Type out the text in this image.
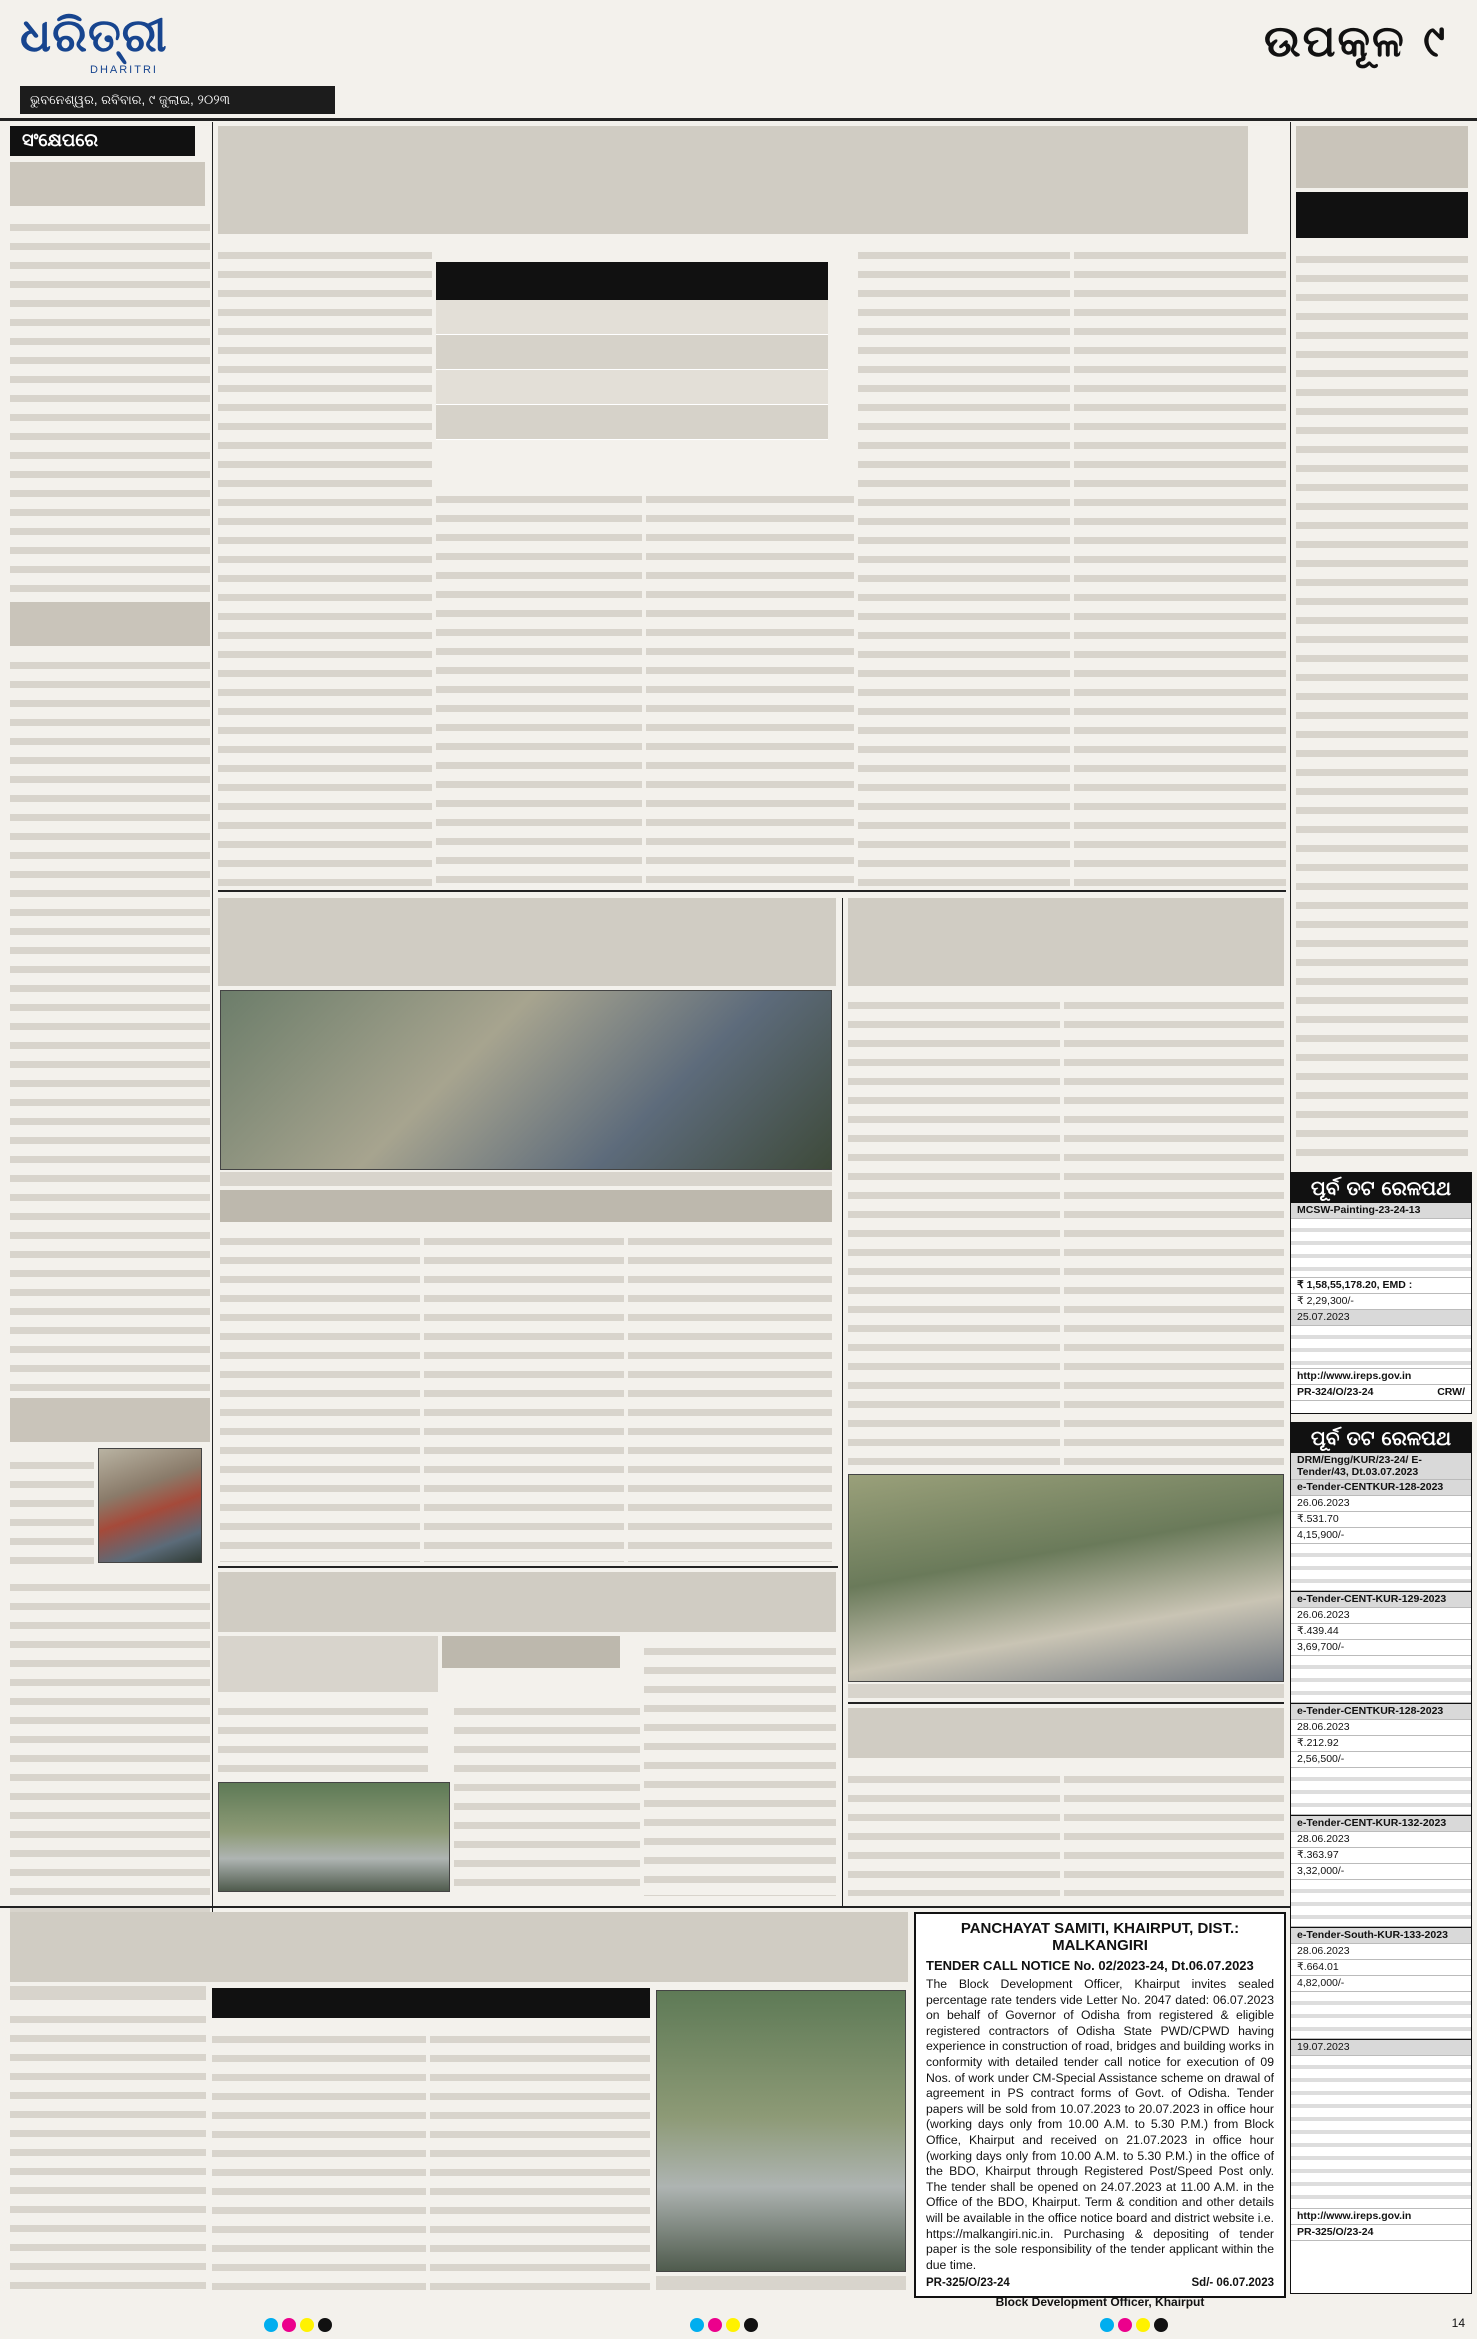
ଧରିତ୍ରୀ
DHARITRI
ଭୁବନେଶ୍ୱର, ରବିବାର, ୯ ଜୁଲାଇ, ୨୦୨୩
ଉପକୂଳ ୯
ସଂକ୍ଷେପରେ
ପୂର୍ବ ତଟ ରେଳପଥ
MCSW-Painting-23-24-13
₹ 1,58,55,178.20, EMD :
₹ 2,29,300/-
25.07.2023
http://www.ireps.gov.in
PR-324/O/23-24	CRW/
ପୂର୍ବ ତଟ ରେଳପଥ
DRM/Engg/KUR/23-24/ E-Tender/43, Dt.03.07.2023
e-Tender-CENTKUR-128-2023
26.06.2023
₹.531.70
4,15,900/-
e-Tender-CENT-KUR-129-2023
26.06.2023
₹.439.44
3,69,700/-
e-Tender-CENTKUR-128-2023
28.06.2023
₹.212.92
2,56,500/-
e-Tender-CENT-KUR-132-2023
28.06.2023
₹.363.97
3,32,000/-
e-Tender-South-KUR-133-2023
28.06.2023
₹.664.01
4,82,000/-
19.07.2023
http://www.ireps.gov.in
PR-325/O/23-24
PANCHAYAT SAMITI, KHAIRPUT, DIST.: MALKANGIRI
TENDER CALL NOTICE No. 02/2023-24, Dt.06.07.2023
The Block Development Officer, Khairput invites sealed percentage rate tenders vide Letter No. 2047 dated: 06.07.2023 on behalf of Governor of Odisha from registered & eligible registered contractors of Odisha State PWD/CPWD having experience in construction of road, bridges and building works in conformity with detailed tender call notice for execution of 09 Nos. of work under CM-Special Assistance scheme on drawal of agreement in PS contract forms of Govt. of Odisha. Tender papers will be sold from 10.07.2023 to 20.07.2023 in office hour (working days only from 10.00 A.M. to 5.30 P.M.) from Block Office, Khairput and received on 21.07.2023 in office hour (working days only from 10.00 A.M. to 5.30 P.M.) in the office of the BDO, Khairput through Registered Post/Speed Post only. The tender shall be opened on 24.07.2023 at 11.00 A.M. in the Office of the BDO, Khairput. Term & condition and other details will be available in the office notice board and district website i.e. https://malkangiri.nic.in. Purchasing & depositing of tender paper is the sole responsibility of the tender applicant within the due time.
PR-325/O/23-24	Sd/- 06.07.2023
Block Development Officer, Khairput
14
